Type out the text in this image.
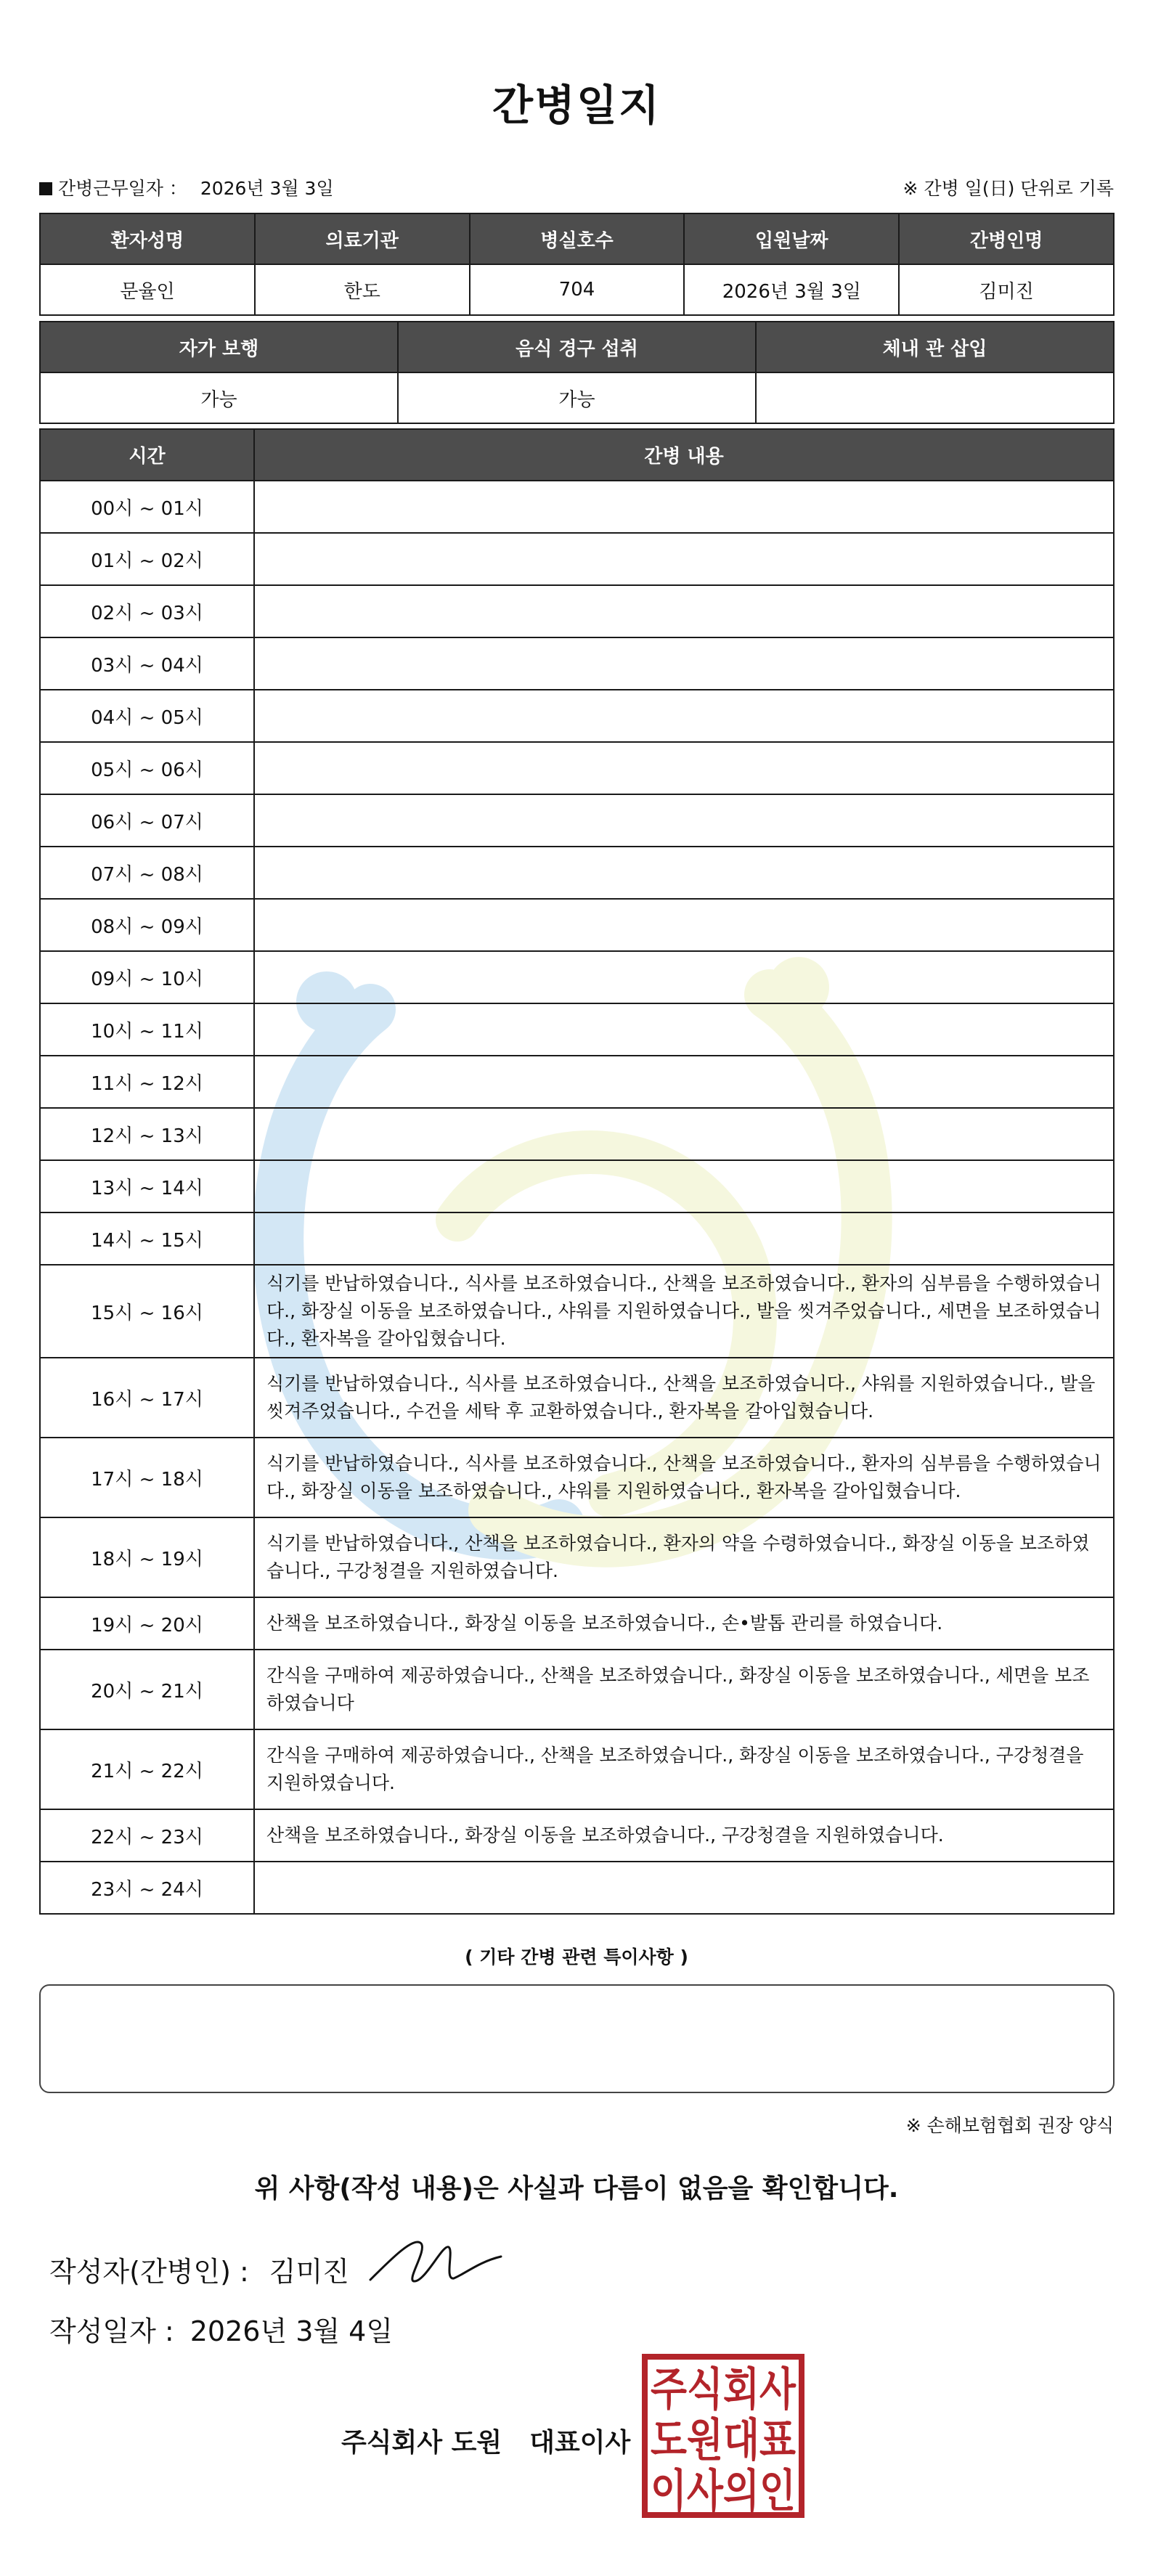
간병일지
간병근무일자 ： 2026년 3월 3일	※ 간병 일(日) 단위로 기록
환자성명	의료기관	병실호수	입원날짜	간병인명
문율인	한도	704	2026년 3월 3일	김미진
자가 보행	음식 경구 섭취	체내 관 삽입
가능	가능	
시간	간병 내용
00시 ~ 01시	
01시 ~ 02시	
02시 ~ 03시	
03시 ~ 04시	
04시 ~ 05시	
05시 ~ 06시	
06시 ~ 07시	
07시 ~ 08시	
08시 ~ 09시	
09시 ~ 10시	
10시 ~ 11시	
11시 ~ 12시	
12시 ~ 13시	
13시 ~ 14시	
14시 ~ 15시	
15시 ~ 16시	식기를 반납하였습니다., 식사를 보조하였습니다., 산책을 보조하였습니다., 환자의 심부름을 수행하였습니다., 화장실 이동을 보조하였습니다., 샤워를 지원하였습니다., 발을 씻겨주었습니다., 세면을 보조하였습니다., 환자복을 갈아입혔습니다.
16시 ~ 17시	식기를 반납하였습니다., 식사를 보조하였습니다., 산책을 보조하였습니다., 샤워를 지원하였습니다., 발을 씻겨주었습니다., 수건을 세탁 후 교환하였습니다., 환자복을 갈아입혔습니다.
17시 ~ 18시	식기를 반납하였습니다., 식사를 보조하였습니다., 산책을 보조하였습니다., 환자의 심부름을 수행하였습니다., 화장실 이동을 보조하였습니다., 샤워를 지원하였습니다., 환자복을 갈아입혔습니다.
18시 ~ 19시	식기를 반납하였습니다., 산책을 보조하였습니다., 환자의 약을 수령하였습니다., 화장실 이동을 보조하였습니다., 구강청결을 지원하였습니다.
19시 ~ 20시	산책을 보조하였습니다., 화장실 이동을 보조하였습니다., 손•발톱 관리를 하였습니다.
20시 ~ 21시	간식을 구매하여 제공하였습니다., 산책을 보조하였습니다., 화장실 이동을 보조하였습니다., 세면을 보조하였습니다
21시 ~ 22시	간식을 구매하여 제공하였습니다., 산책을 보조하였습니다., 화장실 이동을 보조하였습니다., 구강청결을 지원하였습니다.
22시 ~ 23시	산책을 보조하였습니다., 화장실 이동을 보조하였습니다., 구강청결을 지원하였습니다.
23시 ~ 24시	
( 기타 간병 관련 특이사항 )
※ 손해보험협회 권장 양식
위 사항(작성 내용)은 사실과 다름이 없음을 확인합니다.
작성자(간병인) : 김미진
작성일자 : 2026년 3월 4일
주식회사 도원 대표이사
주식회사
도원대표
이사의인
